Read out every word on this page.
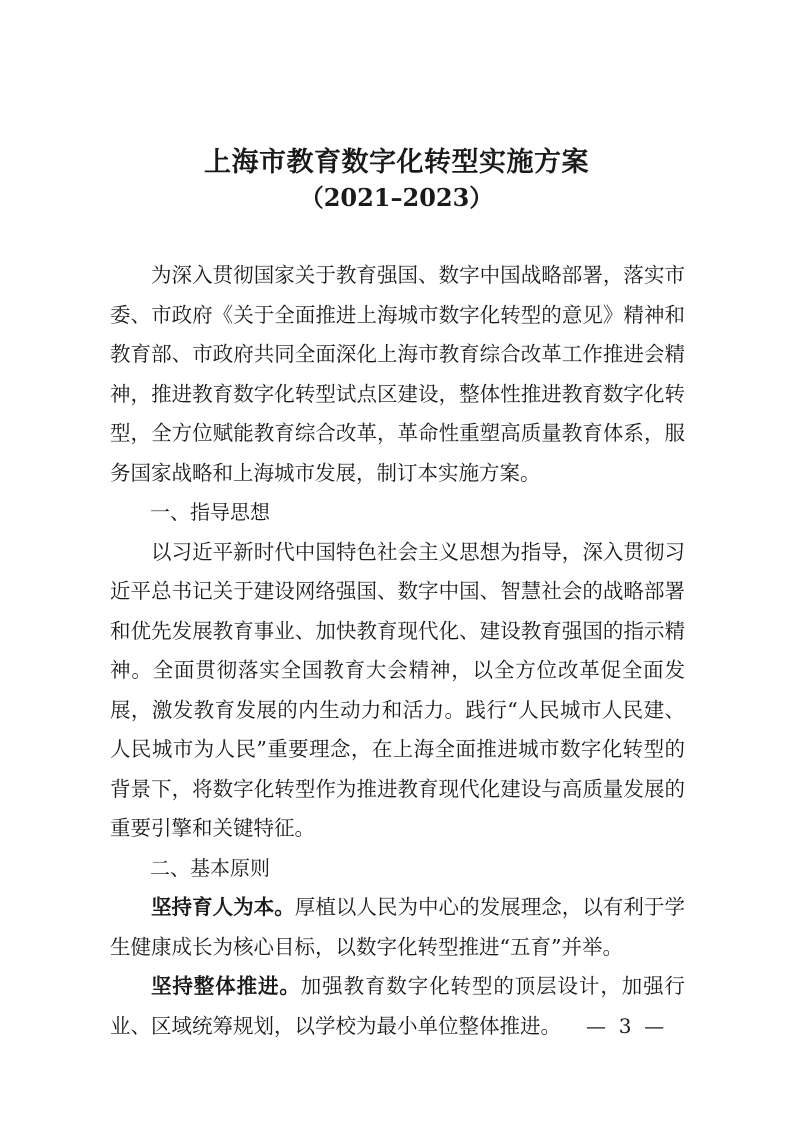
上海市教育数字化转型实施方案
（2021–2023）

为深入贯彻国家关于教育强国、数字中国战略部署，落实市委、市政府《关于全面推进上海城市数字化转型的意见》精神和教育部、市政府共同全面深化上海市教育综合改革工作推进会精神，推进教育数字化转型试点区建设，整体性推进教育数字化转型，全方位赋能教育综合改革，革命性重塑高质量教育体系，服务国家战略和上海城市发展，制订本实施方案。

一、指导思想

以习近平新时代中国特色社会主义思想为指导，深入贯彻习近平总书记关于建设网络强国、数字中国、智慧社会的战略部署和优先发展教育事业、加快教育现代化、建设教育强国的指示精神。全面贯彻落实全国教育大会精神，以全方位改革促全面发展，激发教育发展的内生动力和活力。践行“人民城市人民建、人民城市为人民”重要理念，在上海全面推进城市数字化转型的背景下，将数字化转型作为推进教育现代化建设与高质量发展的重要引擎和关键特征。

二、基本原则

坚持育人为本。厚植以人民为中心的发展理念，以有利于学生健康成长为核心目标，以数字化转型推进“五育”并举。

坚持整体推进。加强教育数字化转型的顶层设计，加强行业、区域统筹规划，以学校为最小单位整体推进。	—  3  —
